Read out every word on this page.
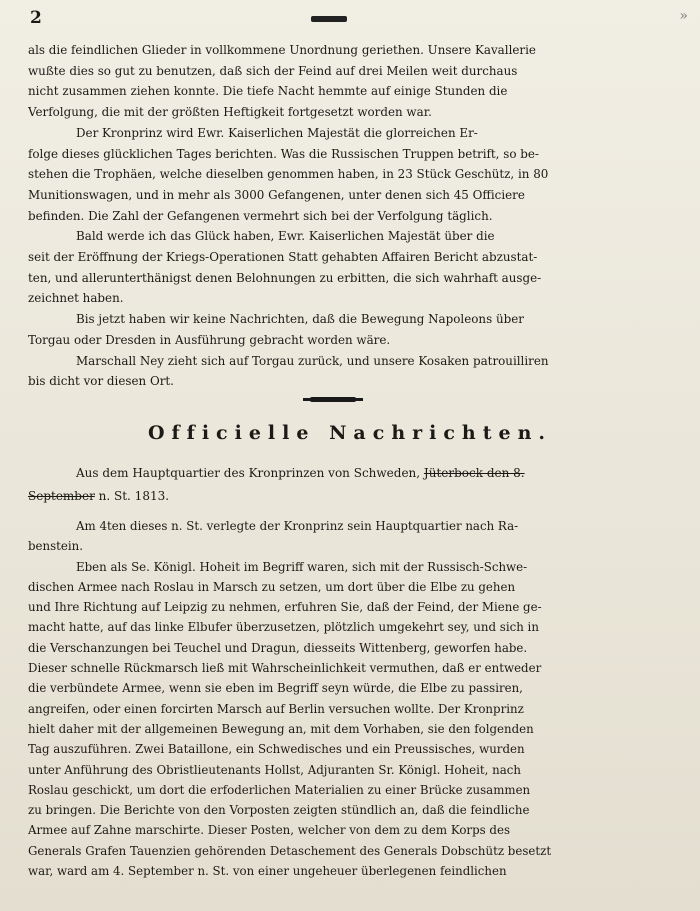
2	»

als die feindlichen Glieder in vollkommene Unordnung geriethen. Unsere Kavallerie
wußte dies so gut zu benutzen, daß sich der Feind auf drei Meilen weit durchaus
nicht zusammen ziehen konnte. Die tiefe Nacht hemmte auf einige Stunden die
Verfolgung, die mit der größten Heftigkeit fortgesetzt worden war.

Der Kronprinz wird Ewr. Kaiserlichen Majestät die glorreichen Er-
folge dieses glücklichen Tages berichten. Was die Russischen Truppen betrift, so be-
stehen die Trophäen, welche dieselben genommen haben, in 23 Stück Geschütz, in 80
Munitionswagen, und in mehr als 3000 Gefangenen, unter denen sich 45 Officiere
befinden. Die Zahl der Gefangenen vermehrt sich bei der Verfolgung täglich.

Bald werde ich das Glück haben, Ewr. Kaiserlichen Majestät über die
seit der Eröffnung der Kriegs-Operationen Statt gehabten Affairen Bericht abzustat-
ten, und allerunterthänigst denen Belohnungen zu erbitten, die sich wahrhaft ausge-
zeichnet haben.

Bis jetzt haben wir keine Nachrichten, daß die Bewegung Napoleons über
Torgau oder Dresden in Ausführung gebracht worden wäre.

Marschall Ney zieht sich auf Torgau zurück, und unsere Kosaken patrouilliren
bis dicht vor diesen Ort.

Officielle Nachrichten.
Aus dem Hauptquartier des Kronprinzen von Schweden, Jüterbock den 8.
September n. St. 1813.

Am 4ten dieses n. St. verlegte der Kronprinz sein Hauptquartier nach Ra-
benstein.

Eben als Se. Königl. Hoheit im Begriff waren, sich mit der Russisch-Schwe-
dischen Armee nach Roslau in Marsch zu setzen, um dort über die Elbe zu gehen
und Ihre Richtung auf Leipzig zu nehmen, erfuhren Sie, daß der Feind, der Miene ge-
macht hatte, auf das linke Elbufer überzusetzen, plötzlich umgekehrt sey, und sich in
die Verschanzungen bei Teuchel und Dragun, diesseits Wittenberg, geworfen habe.
Dieser schnelle Rückmarsch ließ mit Wahrscheinlichkeit vermuthen, daß er entweder
die verbündete Armee, wenn sie eben im Begriff seyn würde, die Elbe zu passiren,
angreifen, oder einen forcirten Marsch auf Berlin versuchen wollte. Der Kronprinz
hielt daher mit der allgemeinen Bewegung an, mit dem Vorhaben, sie den folgenden
Tag auszuführen. Zwei Bataillone, ein Schwedisches und ein Preussisches, wurden
unter Anführung des Obristlieutenants Hollst, Adjuranten Sr. Königl. Hoheit, nach
Roslau geschickt, um dort die erfoderlichen Materialien zu einer Brücke zusammen
zu bringen. Die Berichte von den Vorposten zeigten stündlich an, daß die feindliche
Armee auf Zahne marschirte. Dieser Posten, welcher von dem zu dem Korps des
Generals Grafen Tauenzien gehörenden Detaschement des Generals Dobschütz besetzt
war, ward am 4. September n. St. von einer ungeheuer überlegenen feindlichen
